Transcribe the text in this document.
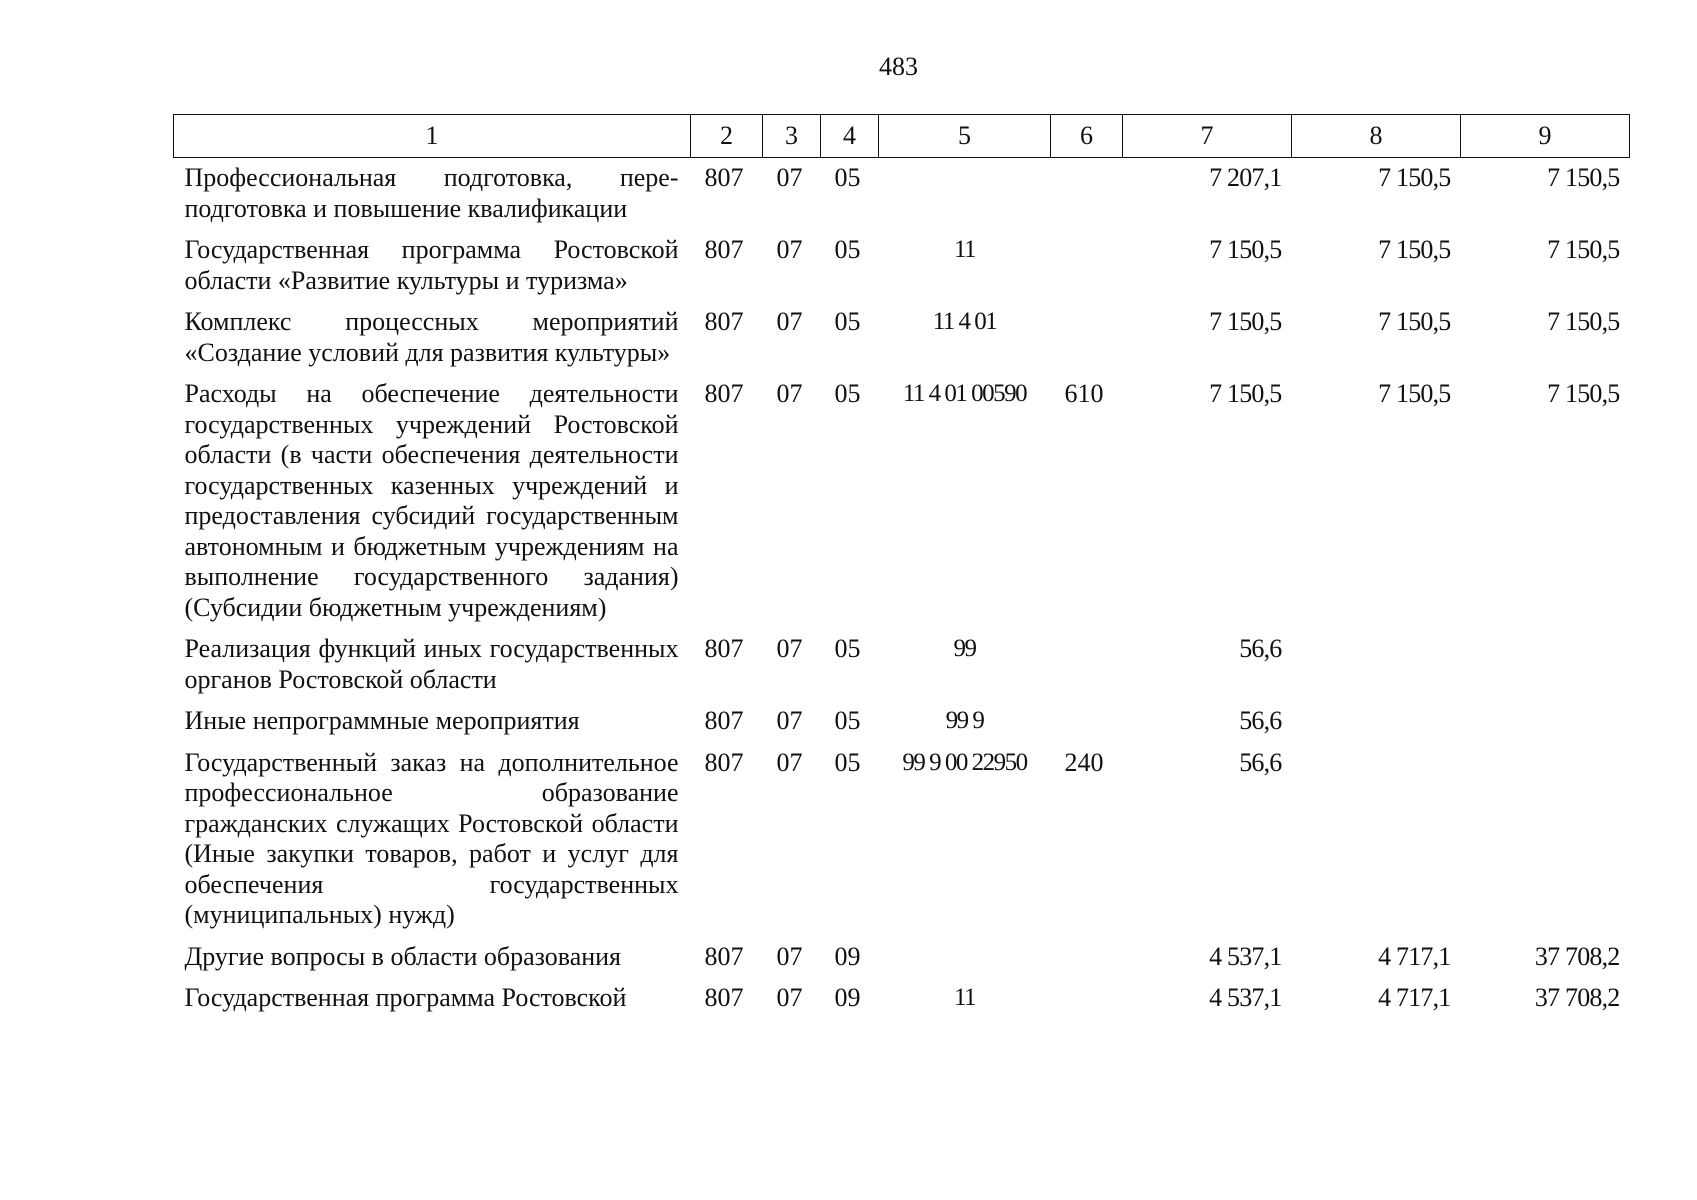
483
1	2	3	4	5	6	7	8	9
Профессиональная подготовка, переподготовка и повышение квалификации	807	07	05			7 207,1	7 150,5	7 150,5
Государственная программа Ростовской области «Развитие культуры и туризма»	807	07	05	11		7 150,5	7 150,5	7 150,5
Комплекс процессных мероприятий «Создание условий для развития культуры»	807	07	05	11 4 01		7 150,5	7 150,5	7 150,5
Расходы на обеспечение деятельности государственных учреждений Ростовской области (в части обеспечения деятельности государственных казенных учреждений и предоставления субсидий государственным автономным и бюджетным учреждениям на выполнение государственного задания) (Субсидии бюджетным учреждениям)	807	07	05	11 4 01 00590	610	7 150,5	7 150,5	7 150,5
Реализация функций иных государственных органов Ростовской области	807	07	05	99		56,6		
Иные непрограммные мероприятия	807	07	05	99 9		56,6		
Государственный заказ на дополнительное профессиональное образование гражданских служащих Ростовской области (Иные закупки товаров, работ и услуг для обеспечения государственных (муниципальных) нужд)	807	07	05	99 9 00 22950	240	56,6		
Другие вопросы в области образования	807	07	09			4 537,1	4 717,1	37 708,2
Государственная программа Ростовской	807	07	09	11		4 537,1	4 717,1	37 708,2
